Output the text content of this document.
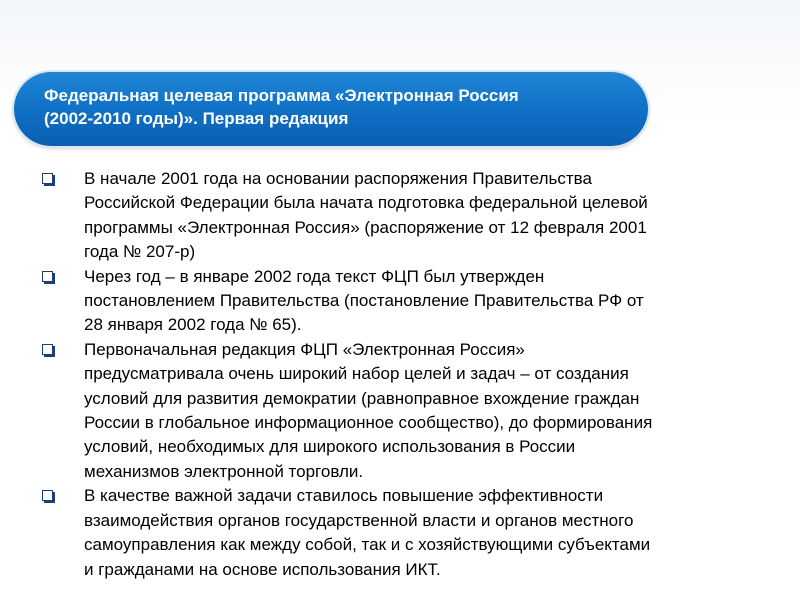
Федеральная целевая программа «Электронная Россия
(2002-2010 годы)». Первая редакция
В начале 2001 года на основании распоряжения Правительства
Российской Федерации была начата подготовка федеральной целевой
программы «Электронная Россия» (распоряжение от 12 февраля 2001
года № 207-р)
Через год – в январе 2002 года текст ФЦП был утвержден
постановлением Правительства (постановление Правительства РФ от
28 января 2002 года № 65).
Первоначальная редакция ФЦП «Электронная Россия»
предусматривала очень широкий набор целей и задач – от создания
условий для развития демократии (равноправное вхождение граждан
России в глобальное информационное сообщество), до формирования
условий, необходимых для широкого использования в России
механизмов электронной торговли.
В качестве важной задачи ставилось повышение эффективности
взаимодействия органов государственной власти и органов местного
самоуправления как между собой, так и с хозяйствующими субъектами
и гражданами на основе использования ИКТ.
